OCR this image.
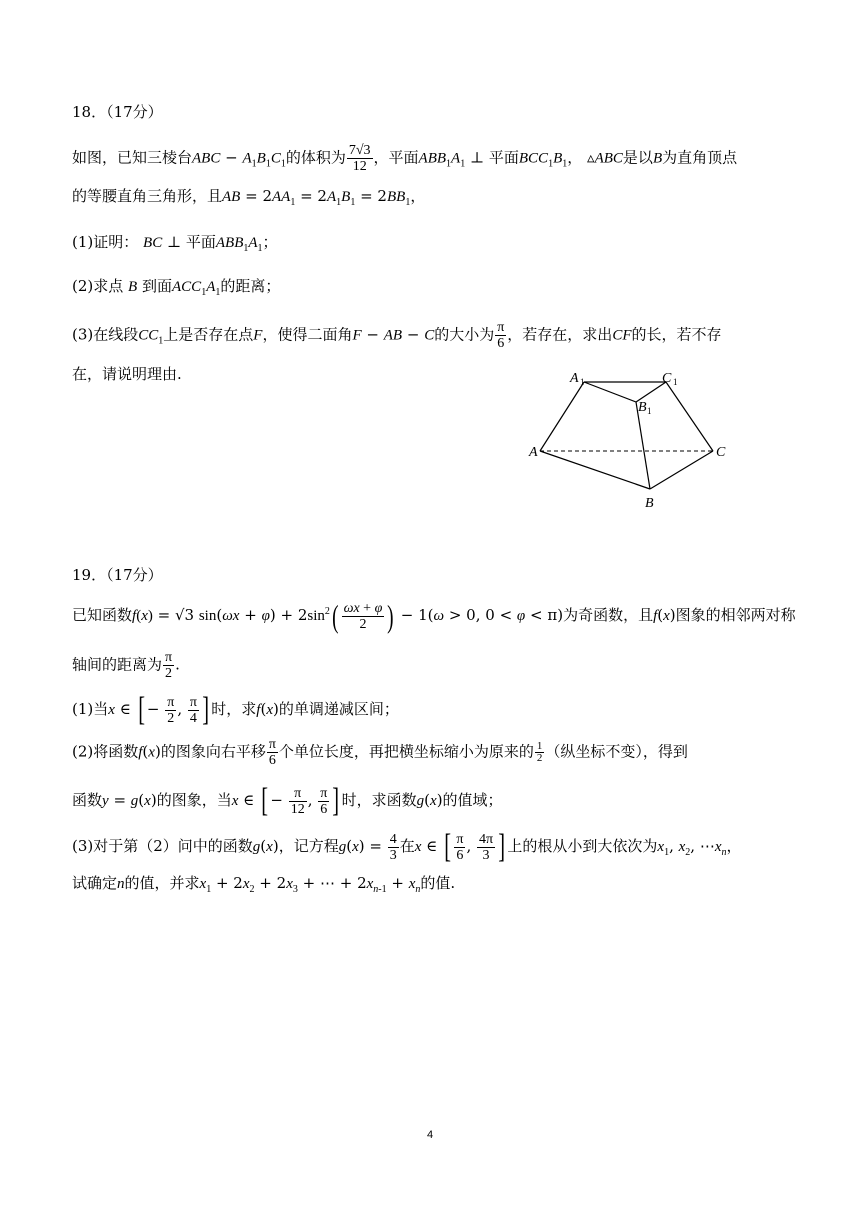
18．（17分）
如图，已知三棱台ABC − $A_1B_1C_1$的体积为 $\frac{7√3}{12}$ ，平面$ABB_1A_1$ ⊥ 平面$BCC_1B_1$， ▵ABC是以B为直角顶点
的等腰直角三角形，且AB = $2AA_1 = 2A_1B_1 = 2BB_1$，
(1)证明： BC ⊥ 平面$ABB_1A_1$；
(2)求点 B 到面$ACC_1A_1$的距离；
(3)在线段$CC_1$上是否存在点F，使得二面角F − AB − C的大小为 $\frac{\pi}{6}$ ，若存在，求出CF的长，若不存
在，请说明理由.	A 1	C 1
B 1
A	C
B
19．（17分）
已知函数f(x) = √3 $\sin(\omega x + \varphi) + 2\sin^2( \frac{\omega x + \varphi}{2}$ ) − 1(ω > 0, 0 < φ < π)为奇函数，且f(x)图象的相邻两对称
轴间的距离为 $\frac{\pi}{2}$ .
(1)当x ∈ [ − $\frac{\pi}{2}$ , $\frac{\pi}{4}$ ] 时，求f(x)的单调递减区间；
(2)将函数f(x)的图象向右平移 $\frac{\pi}{6}$ 个单位长度，再把横坐标缩小为原来的 $\frac{1}{2}$ （纵坐标不变），得到
函数y = g(x)的图象，当x ∈ [ − $\frac{\pi}{12}$ , $\frac{\pi}{6}$ ] 时，求函数g(x)的值域；
(3)对于第（2）问中的函数g(x)，记方程$g(x) = \frac{4}{3}$ 在x ∈ [ $\frac{\pi}{6}$ , $\frac{4\pi}{3}$ ] 上的根从小到大依次为$x_1$, $x_2$, $\cdots x_n$，
试确定n的值，并求$x_1 + 2x_2 + 2x_3$ + ⋯ + $2x_{n-1} + x_n$的值.
4
